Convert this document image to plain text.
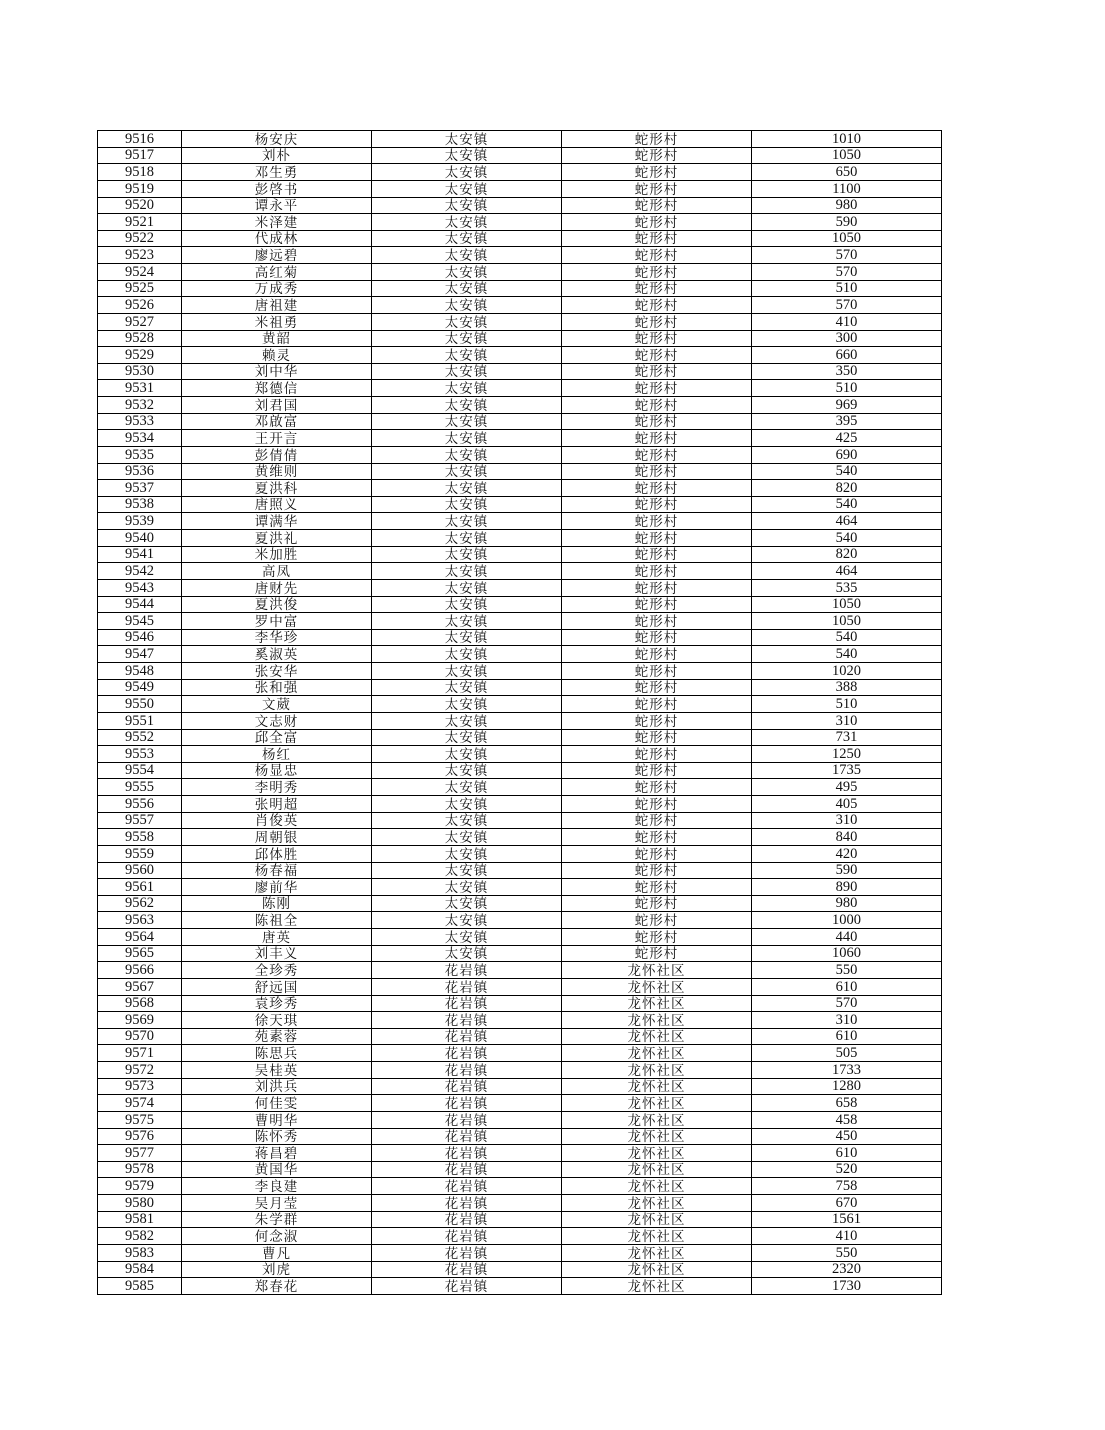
9516	杨安庆	太安镇	蛇形村	1010
9517	刘朴	太安镇	蛇形村	1050
9518	邓生勇	太安镇	蛇形村	650
9519	彭啓书	太安镇	蛇形村	1100
9520	谭永平	太安镇	蛇形村	980
9521	米泽建	太安镇	蛇形村	590
9522	代成林	太安镇	蛇形村	1050
9523	廖远碧	太安镇	蛇形村	570
9524	高红菊	太安镇	蛇形村	570
9525	万成秀	太安镇	蛇形村	510
9526	唐祖建	太安镇	蛇形村	570
9527	米祖勇	太安镇	蛇形村	410
9528	黄韶	太安镇	蛇形村	300
9529	赖灵	太安镇	蛇形村	660
9530	刘中华	太安镇	蛇形村	350
9531	郑德信	太安镇	蛇形村	510
9532	刘君国	太安镇	蛇形村	969
9533	邓啟富	太安镇	蛇形村	395
9534	王开言	太安镇	蛇形村	425
9535	彭倩倩	太安镇	蛇形村	690
9536	黄维则	太安镇	蛇形村	540
9537	夏洪科	太安镇	蛇形村	820
9538	唐照义	太安镇	蛇形村	540
9539	谭满华	太安镇	蛇形村	464
9540	夏洪礼	太安镇	蛇形村	540
9541	米加胜	太安镇	蛇形村	820
9542	高凤	太安镇	蛇形村	464
9543	唐财先	太安镇	蛇形村	535
9544	夏洪俊	太安镇	蛇形村	1050
9545	罗中富	太安镇	蛇形村	1050
9546	李华珍	太安镇	蛇形村	540
9547	奚淑英	太安镇	蛇形村	540
9548	张安华	太安镇	蛇形村	1020
9549	张和强	太安镇	蛇形村	388
9550	文葳	太安镇	蛇形村	510
9551	文志财	太安镇	蛇形村	310
9552	邱全富	太安镇	蛇形村	731
9553	杨红	太安镇	蛇形村	1250
9554	杨显忠	太安镇	蛇形村	1735
9555	李明秀	太安镇	蛇形村	495
9556	张明超	太安镇	蛇形村	405
9557	肖俊英	太安镇	蛇形村	310
9558	周朝银	太安镇	蛇形村	840
9559	邱体胜	太安镇	蛇形村	420
9560	杨春福	太安镇	蛇形村	590
9561	廖前华	太安镇	蛇形村	890
9562	陈刚	太安镇	蛇形村	980
9563	陈祖全	太安镇	蛇形村	1000
9564	唐英	太安镇	蛇形村	440
9565	刘丰义	太安镇	蛇形村	1060
9566	全珍秀	花岩镇	龙怀社区	550
9567	舒远国	花岩镇	龙怀社区	610
9568	袁珍秀	花岩镇	龙怀社区	570
9569	徐天琪	花岩镇	龙怀社区	310
9570	苑素蓉	花岩镇	龙怀社区	610
9571	陈思兵	花岩镇	龙怀社区	505
9572	吴桂英	花岩镇	龙怀社区	1733
9573	刘洪兵	花岩镇	龙怀社区	1280
9574	何佳雯	花岩镇	龙怀社区	658
9575	曹明华	花岩镇	龙怀社区	458
9576	陈怀秀	花岩镇	龙怀社区	450
9577	蒋昌碧	花岩镇	龙怀社区	610
9578	黄国华	花岩镇	龙怀社区	520
9579	李良建	花岩镇	龙怀社区	758
9580	吴月莹	花岩镇	龙怀社区	670
9581	朱学群	花岩镇	龙怀社区	1561
9582	何念淑	花岩镇	龙怀社区	410
9583	曹凡	花岩镇	龙怀社区	550
9584	刘虎	花岩镇	龙怀社区	2320
9585	郑春花	花岩镇	龙怀社区	1730
